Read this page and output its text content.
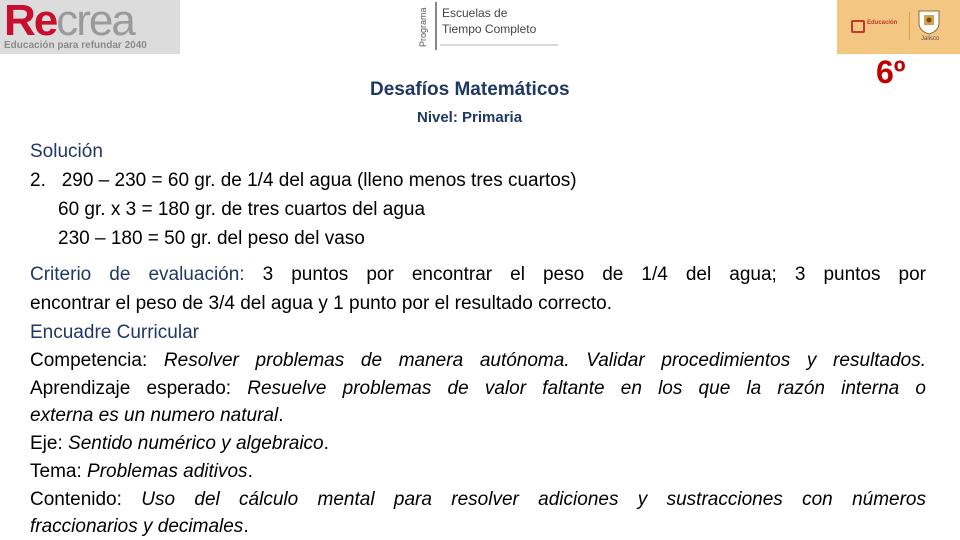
Recrea
Educación para refundar 2040	Programa Escuelas de
Tiempo Completo	Educación
Jalisco
Desafíos Matemáticos
Nivel: Primaria
6º
Solución
2. 290 – 230 = 60 gr. de 1/4 del agua (lleno menos tres cuartos)
60 gr. x 3 = 180 gr. de tres cuartos del agua
230 – 180 = 50 gr. del peso del vaso
Criterio de evaluación: 3 puntos por encontrar el peso de 1/4 del agua; 3 puntos por
encontrar el peso de 3/4 del agua y 1 punto por el resultado correcto.
Encuadre Curricular
Competencia: Resolver problemas de manera autónoma. Validar procedimientos y resultados.
Aprendizaje esperado: Resuelve problemas de valor faltante en los que la razón interna o
externa es un numero natural.
Eje: Sentido numérico y algebraico.
Tema: Problemas aditivos.
Contenido: Uso del cálculo mental para resolver adiciones y sustracciones con números
fraccionarios y decimales.
